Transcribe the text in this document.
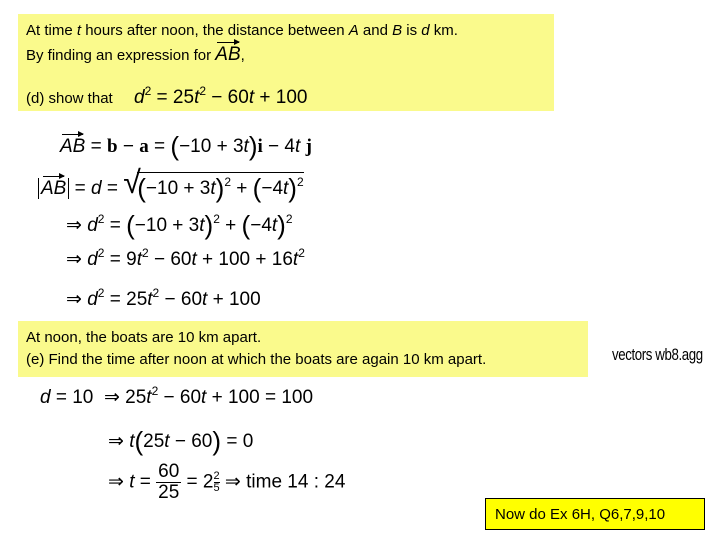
At time t hours after noon, the distance between A and B is d km.
By finding an expression for AB,
(d) show that $d^2 = 25t^2 - 60t + 100$
AB = b − a = (−10 + 3t)i − 4t j
AB = d = √ $(-10 + 3t)^2 + (-4t)^2$
⇒ $d^2 = (-10 + 3t)^2 + (-4t)^2$
⇒ $d^2 = 9t^2 - 60t + 100 + 16t^2$
⇒ $d^2 = 25t^2 - 60t + 100$
At noon, the boats are 10 km apart.
(e) Find the time after noon at which the boats are again 10 km apart.	vectors wb8.agg
d = 10 ⇒ $25t^2 - 60t + 100 = 100$
⇒ t(25t − 60) = 0
⇒ $t = \frac{60}{25} = 2 \frac{2}{5}$ ⇒ time 14 : 24
Now do Ex 6H, Q6,7,9,10
